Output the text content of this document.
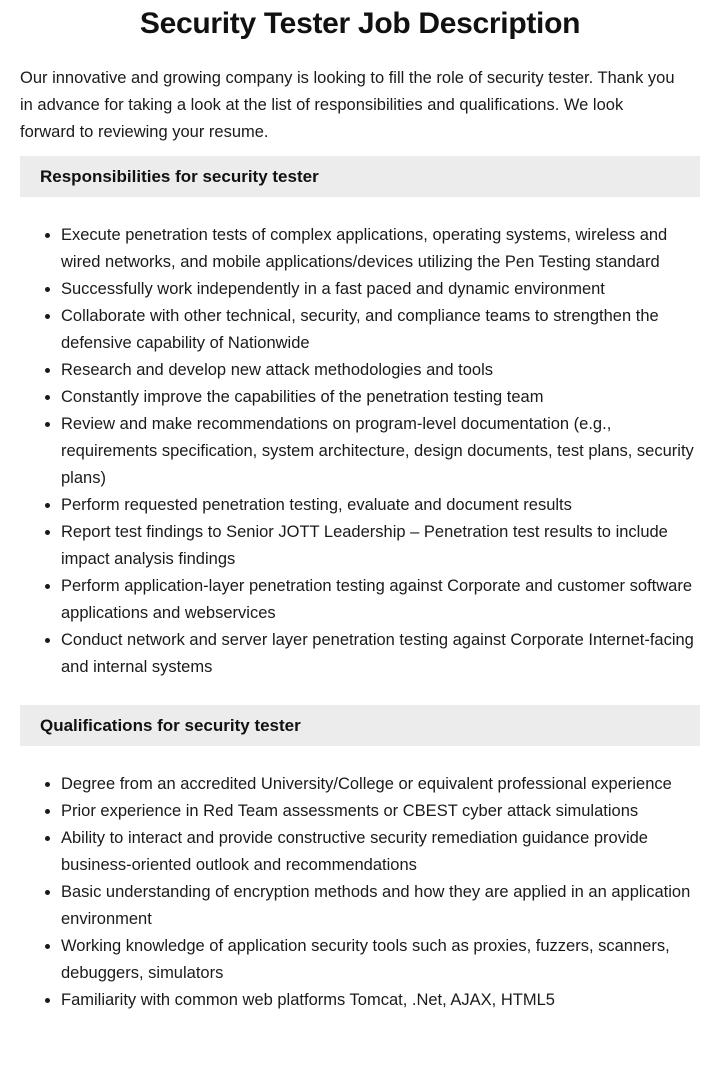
Security Tester Job Description

Our innovative and growing company is looking to fill the role of security tester. Thank you in advance for taking a look at the list of responsibilities and qualifications. We look forward to reviewing your resume.

Responsibilities for security tester
Execute penetration tests of complex applications, operating systems, wireless and wired networks, and mobile applications/devices utilizing the Pen Testing standard
Successfully work independently in a fast paced and dynamic environment
Collaborate with other technical, security, and compliance teams to strengthen the defensive capability of Nationwide
Research and develop new attack methodologies and tools
Constantly improve the capabilities of the penetration testing team
Review and make recommendations on program-level documentation (e.g., requirements specification, system architecture, design documents, test plans, security plans)
Perform requested penetration testing, evaluate and document results
Report test findings to Senior JOTT Leadership – Penetration test results to include impact analysis findings
Perform application-layer penetration testing against Corporate and customer software applications and webservices
Conduct network and server layer penetration testing against Corporate Internet-facing and internal systems
Qualifications for security tester
Degree from an accredited University/College or equivalent professional experience
Prior experience in Red Team assessments or CBEST cyber attack simulations
Ability to interact and provide constructive security remediation guidance provide business-oriented outlook and recommendations
Basic understanding of encryption methods and how they are applied in an application environment
Working knowledge of application security tools such as proxies, fuzzers, scanners, debuggers, simulators
Familiarity with common web platforms Tomcat, .Net, AJAX, HTML5
